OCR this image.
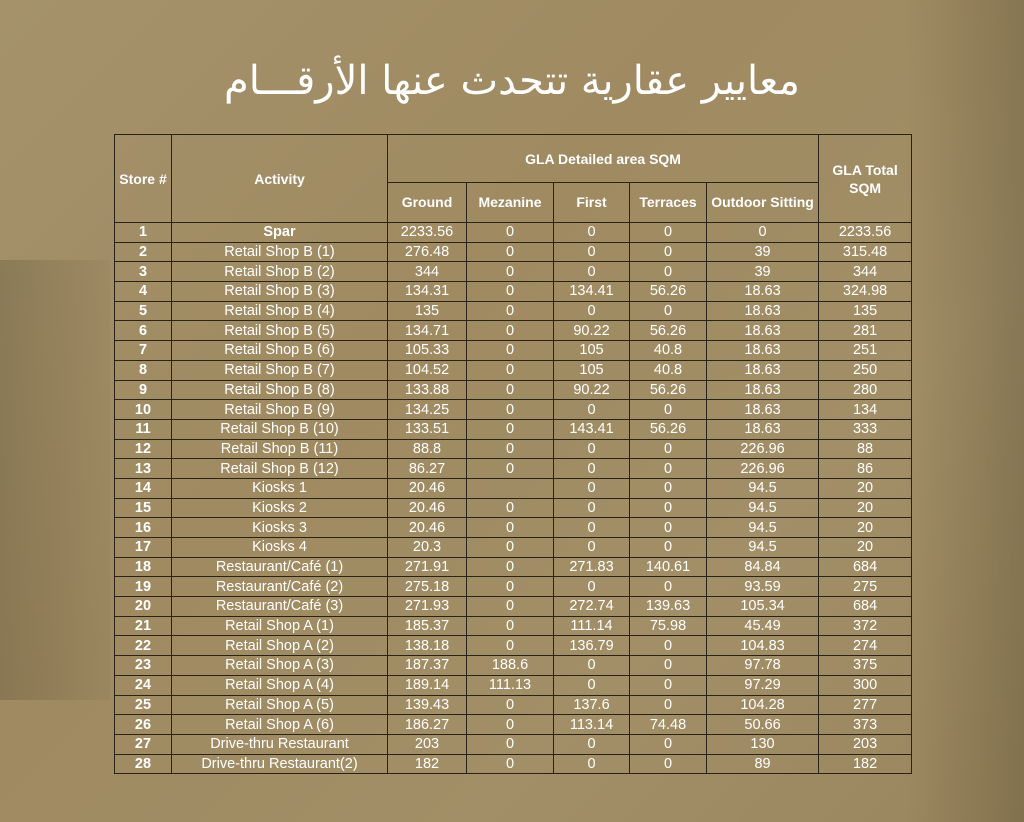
معايير عقارية تتحدث عنها الأرقـــام
Store #	Activity	GLA Detailed area SQM					GLA Total SQM
		Ground	Mezanine	First	Terraces	Outdoor Sitting	
1	Spar	2233.56	0	0	0	0	2233.56
2	Retail Shop B (1)	276.48	0	0	0	39	315.48
3	Retail Shop B (2)	344	0	0	0	39	344
4	Retail Shop B (3)	134.31	0	134.41	56.26	18.63	324.98
5	Retail Shop B (4)	135	0	0	0	18.63	135
6	Retail Shop B (5)	134.71	0	90.22	56.26	18.63	281
7	Retail Shop B (6)	105.33	0	105	40.8	18.63	251
8	Retail Shop B (7)	104.52	0	105	40.8	18.63	250
9	Retail Shop B (8)	133.88	0	90.22	56.26	18.63	280
10	Retail Shop B (9)	134.25	0	0	0	18.63	134
11	Retail Shop B (10)	133.51	0	143.41	56.26	18.63	333
12	Retail Shop B (11)	88.8	0	0	0	226.96	88
13	Retail Shop B (12)	86.27	0	0	0	226.96	86
14	Kiosks 1	20.46		0	0	94.5	20
15	Kiosks 2	20.46	0	0	0	94.5	20
16	Kiosks 3	20.46	0	0	0	94.5	20
17	Kiosks 4	20.3	0	0	0	94.5	20
18	Restaurant/Café (1)	271.91	0	271.83	140.61	84.84	684
19	Restaurant/Café (2)	275.18	0	0	0	93.59	275
20	Restaurant/Café (3)	271.93	0	272.74	139.63	105.34	684
21	Retail Shop A (1)	185.37	0	111.14	75.98	45.49	372
22	Retail Shop A (2)	138.18	0	136.79	0	104.83	274
23	Retail Shop A (3)	187.37	188.6	0	0	97.78	375
24	Retail Shop A (4)	189.14	111.13	0	0	97.29	300
25	Retail Shop A (5)	139.43	0	137.6	0	104.28	277
26	Retail Shop A (6)	186.27	0	113.14	74.48	50.66	373
27	Drive-thru Restaurant	203	0	0	0	130	203
28	Drive-thru Restaurant(2)	182	0	0	0	89	182
